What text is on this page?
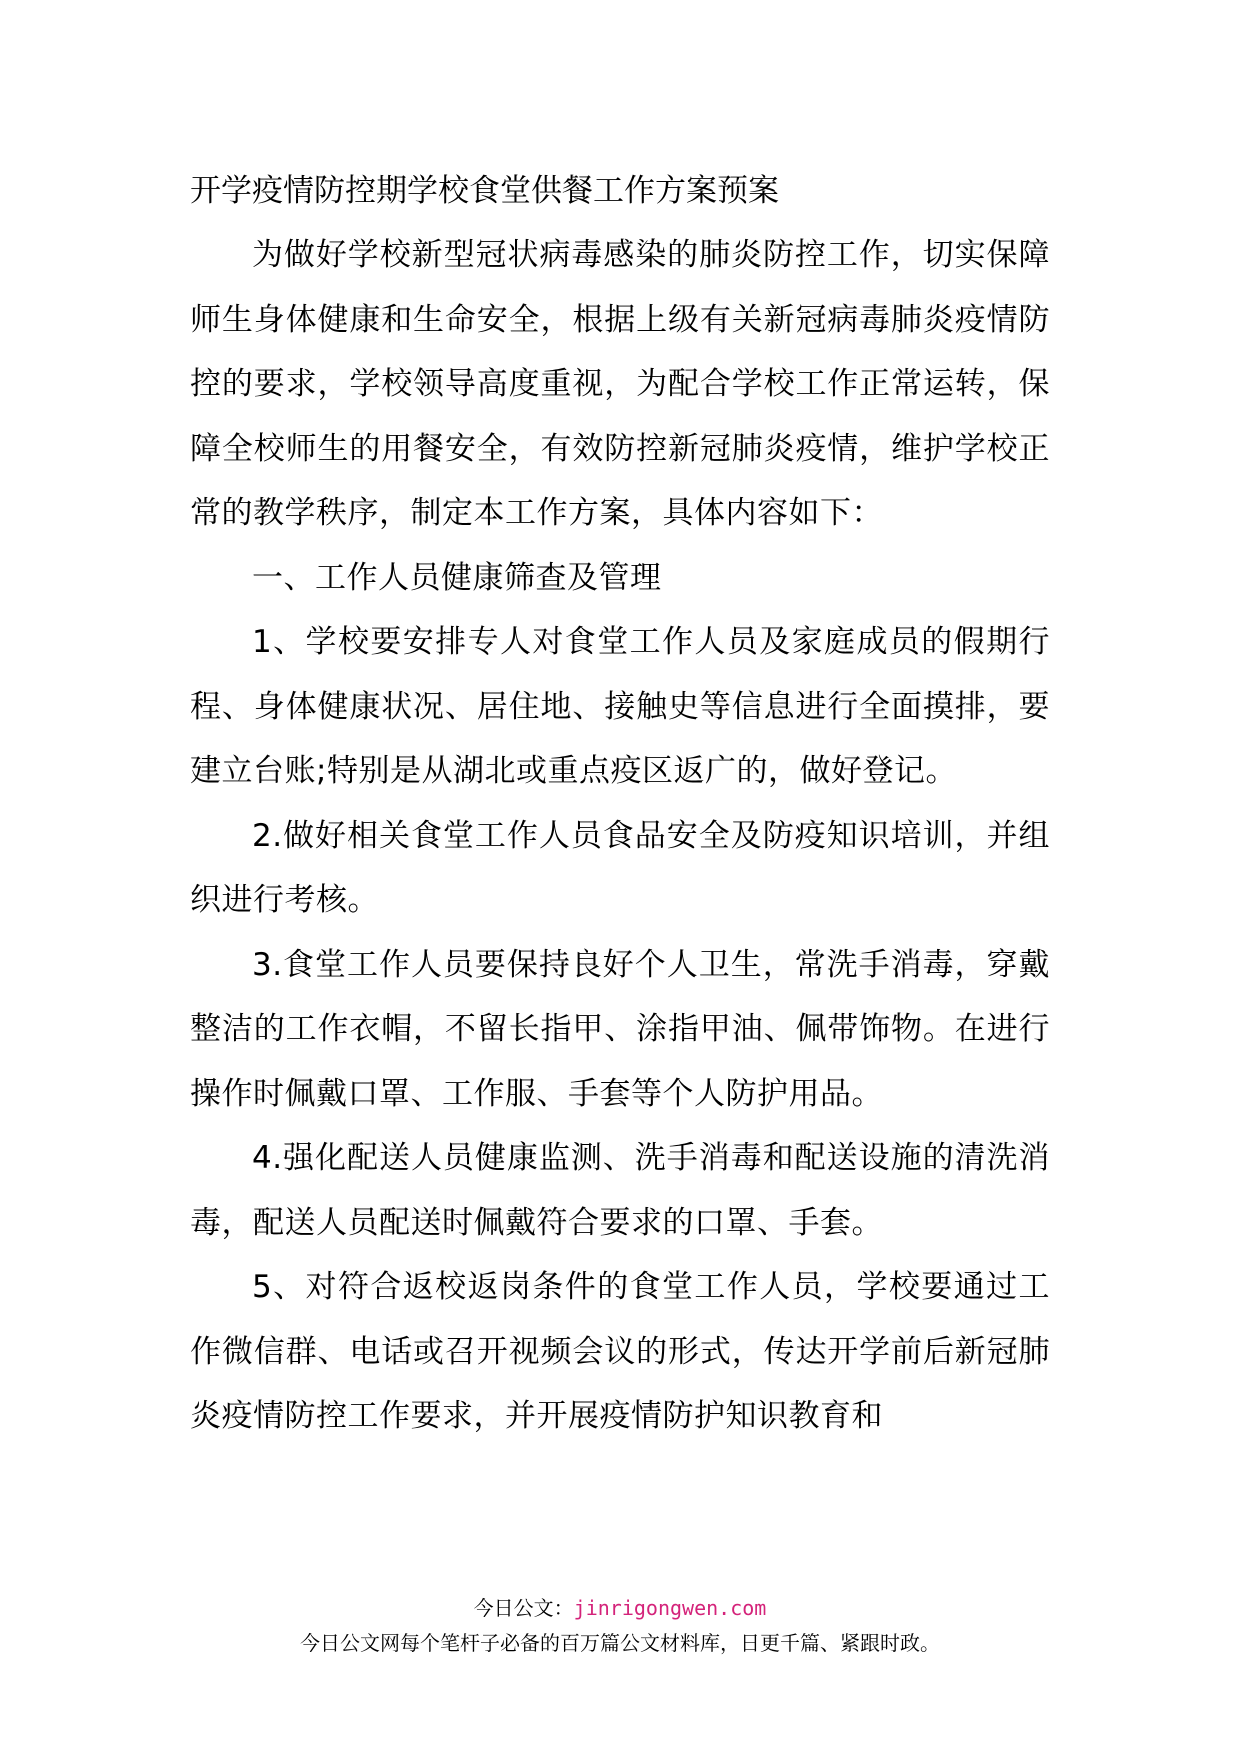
开学疫情防控期学校食堂供餐工作方案预案

为做好学校新型冠状病毒感染的肺炎防控工作，切实保障师生身体健康和生命安全，根据上级有关新冠病毒肺炎疫情防控的要求，学校领导高度重视，为配合学校工作正常运转，保障全校师生的用餐安全，有效防控新冠肺炎疫情，维护学校正常的教学秩序，制定本工作方案，具体内容如下：

一、工作人员健康筛查及管理

1、学校要安排专人对食堂工作人员及家庭成员的假期行程、身体健康状况、居住地、接触史等信息进行全面摸排，要建立台账;特别是从湖北或重点疫区返广的，做好登记。

2.做好相关食堂工作人员食品安全及防疫知识培训，并组织进行考核。

3.食堂工作人员要保持良好个人卫生，常洗手消毒，穿戴整洁的工作衣帽，不留长指甲、涂指甲油、佩带饰物。在进行操作时佩戴口罩、工作服、手套等个人防护用品。

4.强化配送人员健康监测、洗手消毒和配送设施的清洗消毒，配送人员配送时佩戴符合要求的口罩、手套。

5、对符合返校返岗条件的食堂工作人员，学校要通过工作微信群、电话或召开视频会议的形式，传达开学前后新冠肺炎疫情防控工作要求，并开展疫情防护知识教育和

今日公文：jinrigongwen.com
今日公文网每个笔杆子必备的百万篇公文材料库，日更千篇、紧跟时政。
